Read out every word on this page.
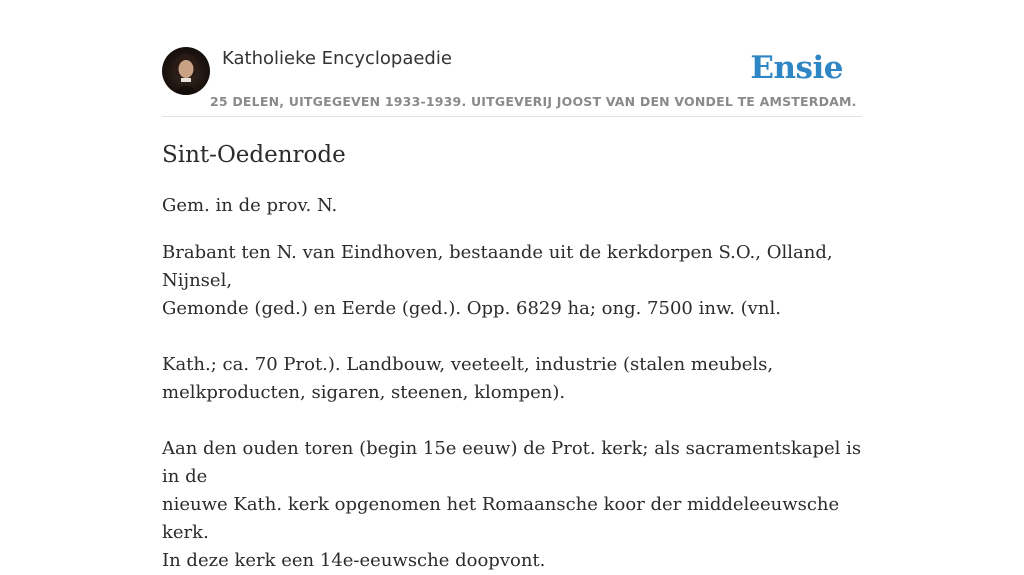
Katholieke Encyclopaedie
25 DELEN, UITGEGEVEN 1933-1939. UITGEVERIJ JOOST VAN DEN VONDEL TE AMSTERDAM.
Ensie
Sint-Oedenrode

Gem. in de prov. N.

Brabant ten N. van Eindhoven, bestaande uit de kerkdorpen S.O., Olland, Nijnsel,
Gemonde (ged.) en Eerde (ged.). Opp. 6829 ha; ong. 7500 inw. (vnl.

Kath.; ca. 70 Prot.). Landbouw, veeteelt, industrie (stalen meubels,
melkproducten, sigaren, steenen, klompen).

Aan den ouden toren (begin 15e eeuw) de Prot. kerk; als sacramentskapel is in de
nieuwe Kath. kerk opgenomen het Romaansche koor der middeleeuwsche kerk.
In deze kerk een 14e-eeuwsche doopvont.
